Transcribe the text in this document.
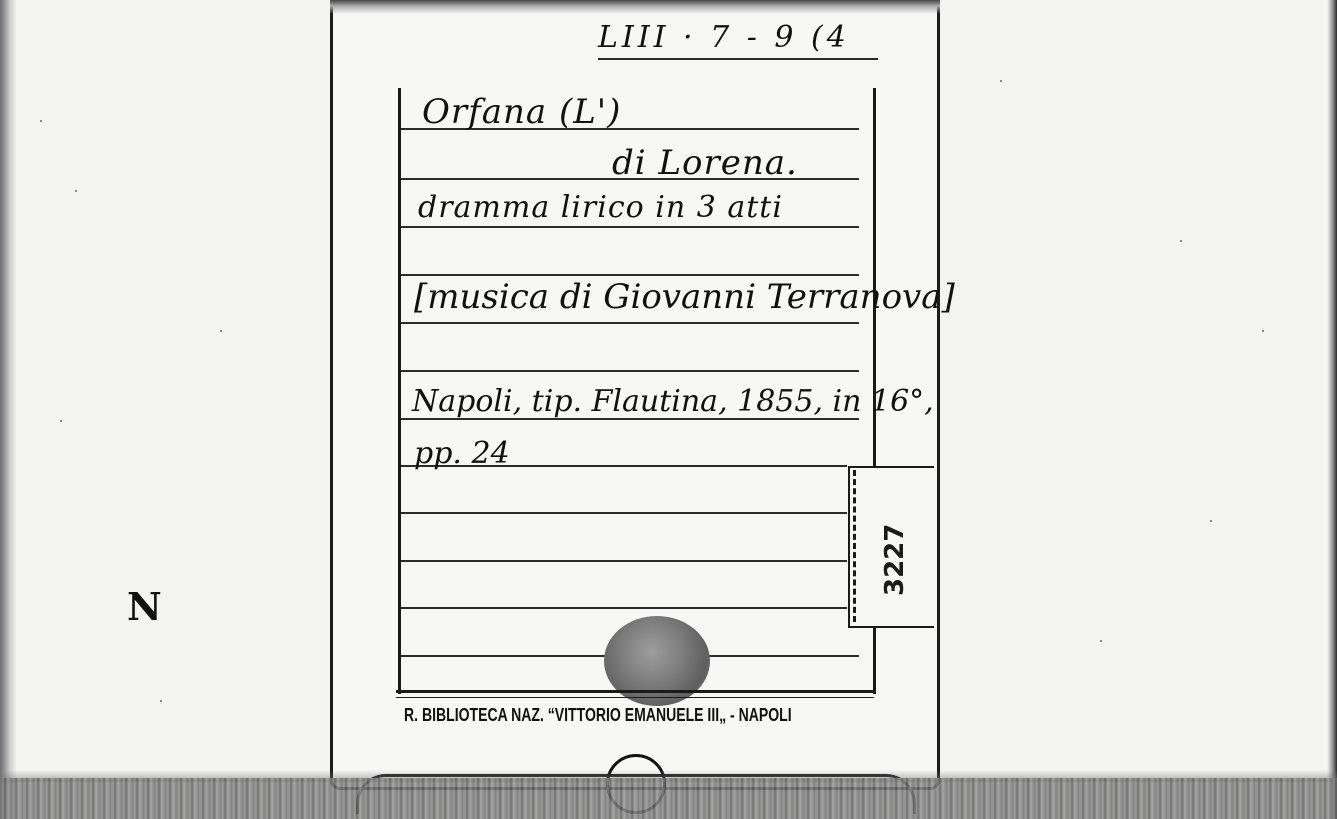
N
LIII · 7 - 9 (4
Orfana (L')
di Lorena.
dramma lirico in 3 atti
[musica di Giovanni Terranova]
Napoli, tip. Flautina, 1855, in 16°,
pp. 24
3227
R. BIBLIOTECA NAZ. “VITTORIO EMANUELE III„ - NAPOLI
